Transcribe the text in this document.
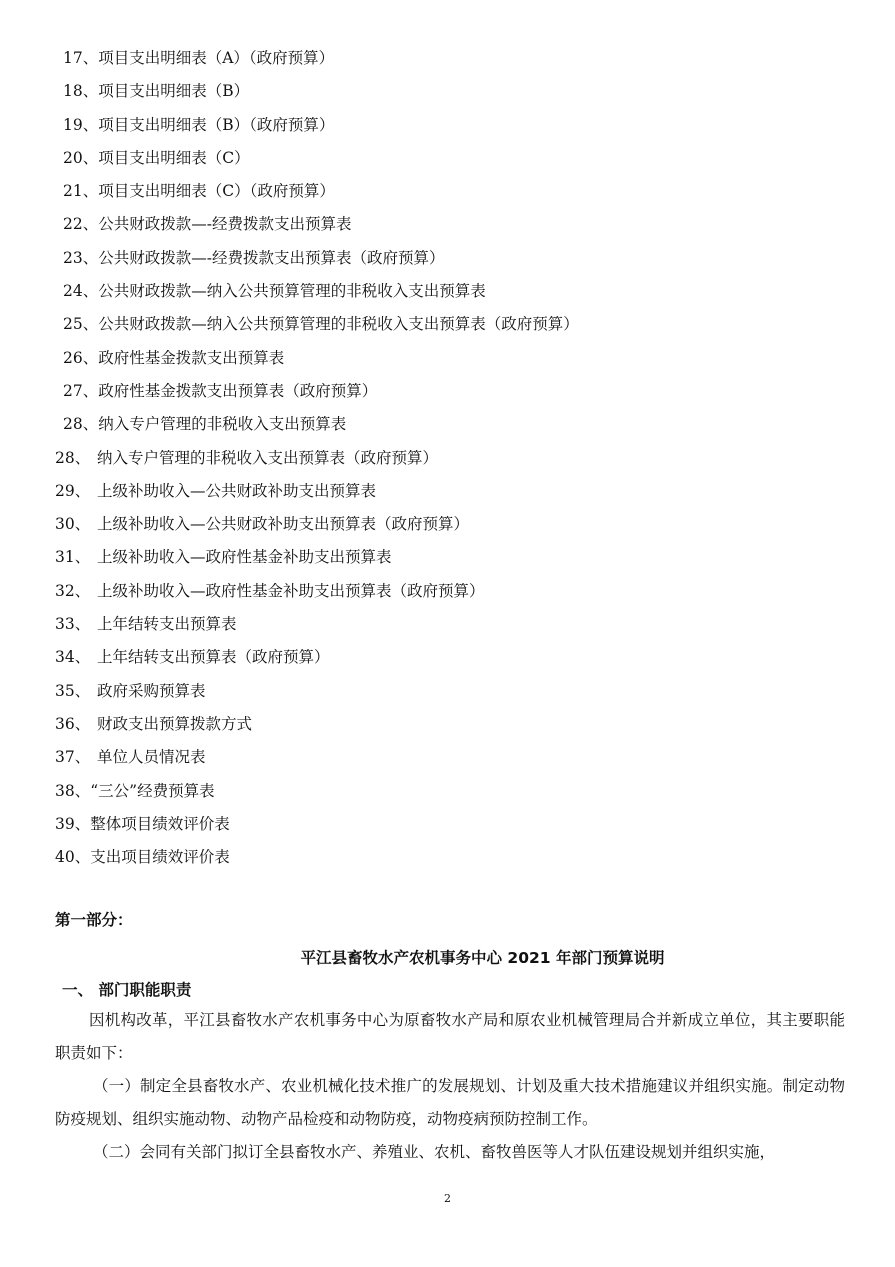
17、项目支出明细表（A）（政府预算）
18、项目支出明细表（B）
19、项目支出明细表（B）（政府预算）
20、项目支出明细表（C）
21、项目支出明细表（C）（政府预算）
22、公共财政拨款—-经费拨款支出预算表
23、公共财政拨款—-经费拨款支出预算表（政府预算）
24、公共财政拨款—纳入公共预算管理的非税收入支出预算表
25、公共财政拨款—纳入公共预算管理的非税收入支出预算表（政府预算）
26、政府性基金拨款支出预算表
27、政府性基金拨款支出预算表（政府预算）
28、纳入专户管理的非税收入支出预算表
28、 纳入专户管理的非税收入支出预算表（政府预算）
29、 上级补助收入—公共财政补助支出预算表
30、 上级补助收入—公共财政补助支出预算表（政府预算）
31、 上级补助收入—政府性基金补助支出预算表
32、 上级补助收入—政府性基金补助支出预算表（政府预算）
33、 上年结转支出预算表
34、 上年结转支出预算表（政府预算）
35、 政府采购预算表
36、 财政支出预算拨款方式
37、 单位人员情况表
38、“三公”经费预算表
39、整体项目绩效评价表
40、支出项目绩效评价表
第一部分：
平江县畜牧水产农机事务中心 2021 年部门预算说明
一、 部门职能职责
因机构改革，平江县畜牧水产农机事务中心为原畜牧水产局和原农业机械管理局合并新成立单位，其主要职能职责如下：
（一）制定全县畜牧水产、农业机械化技术推广的发展规划、计划及重大技术措施建议并组织实施。制定动物防疫规划、组织实施动物、动物产品检疫和动物防疫，动物疫病预防控制工作。
（二）会同有关部门拟订全县畜牧水产、养殖业、农机、畜牧兽医等人才队伍建设规划并组织实施，
2
